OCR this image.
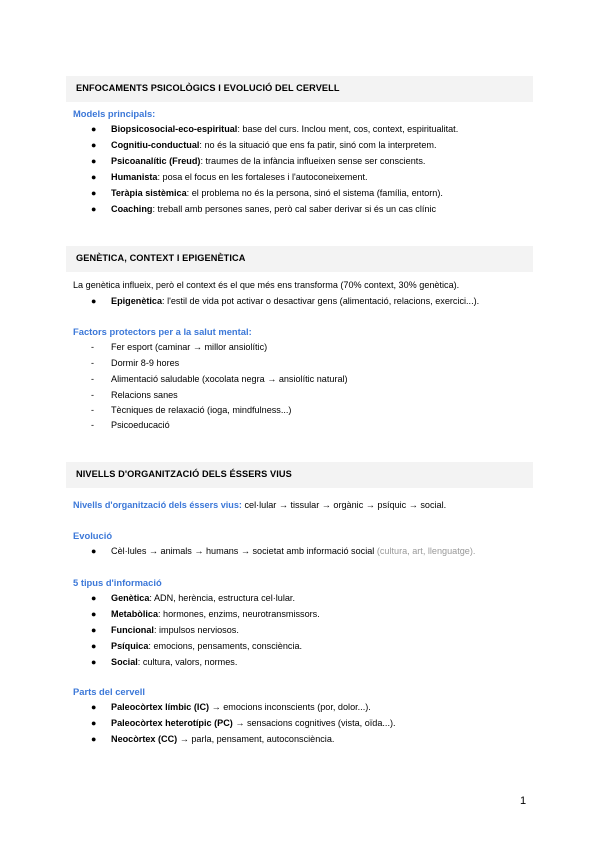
ENFOCAMENTS PSICOLÒGICS I EVOLUCIÓ DEL CERVELL
Models principals:
● Biopsicosocial-eco-espiritual: base del curs. Inclou ment, cos, context, espiritualitat.
● Cognitiu-conductual: no és la situació que ens fa patir, sinó com la interpretem.
● Psicoanalític (Freud): traumes de la infància influeixen sense ser conscients.
● Humanista: posa el focus en les fortaleses i l'autoconeixement.
● Teràpia sistèmica: el problema no és la persona, sinó el sistema (família, entorn).
● Coaching: treball amb persones sanes, però cal saber derivar si és un cas clínic
GENÈTICA, CONTEXT I EPIGENÈTICA
La genètica influeix, però el context és el que més ens transforma (70% context, 30% genètica).
● Epigenètica: l'estil de vida pot activar o desactivar gens (alimentació, relacions, exercici...).
Factors protectors per a la salut mental:
- Fer esport (caminar → millor ansiolític)
- Dormir 8-9 hores
- Alimentació saludable (xocolata negra → ansiolític natural)
- Relacions sanes
- Tècniques de relaxació (ioga, mindfulness...)
- Psicoeducació
NIVELLS D'ORGANITZACIÓ DELS ÉSSERS VIUS
Nivells d'organització dels éssers vius: cel·lular → tissular → orgànic → psíquic → social.
Evolució
● Cèl·lules → animals → humans → societat amb informació social (cultura, art, llenguatge).
5 tipus d'informació
● Genètica: ADN, herència, estructura cel·lular.
● Metabòlica: hormones, enzims, neurotransmissors.
● Funcional: impulsos nerviosos.
● Psíquica: emocions, pensaments, consciència.
● Social: cultura, valors, normes.
Parts del cervell
● Paleocòrtex límbic (IC) → emocions inconscients (por, dolor...).
● Paleocòrtex heterotípic (PC) → sensacions cognitives (vista, oïda...).
● Neocòrtex (CC) → parla, pensament, autoconsciència.
1
